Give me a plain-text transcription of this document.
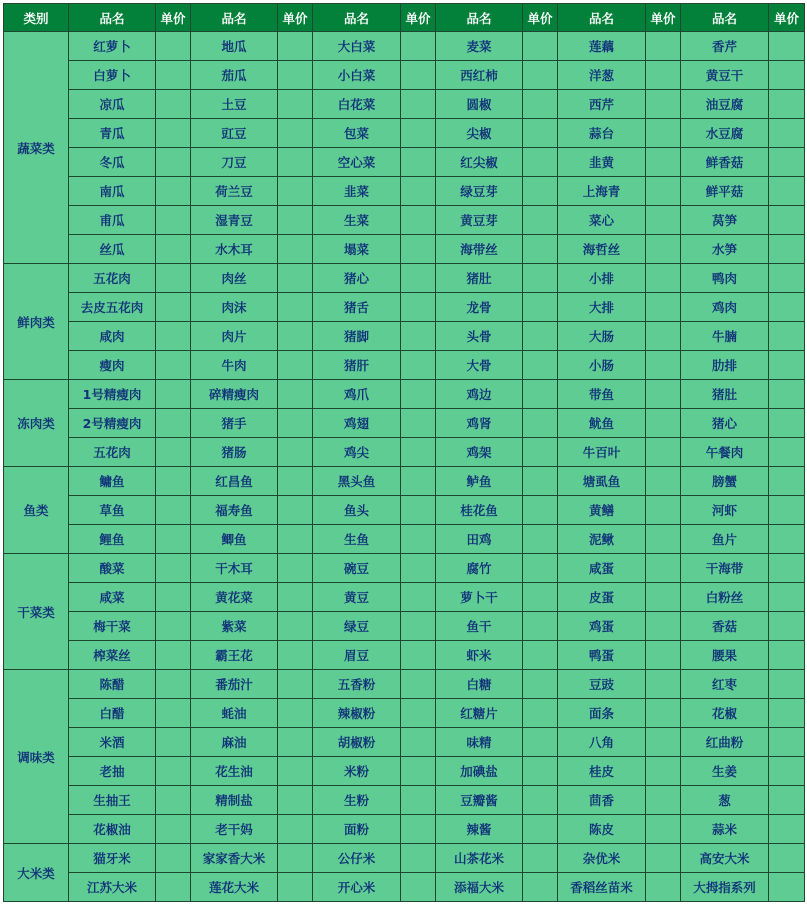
类别	品名	单价	品名	单价	品名	单价	品名	单价	品名	单价	品名	单价
蔬菜类	红萝卜		地瓜		大白菜		麦菜		莲藕		香芹	
	白萝卜		茄瓜		小白菜		西红柿		洋葱		黄豆干	
	凉瓜		土豆		白花菜		圆椒		西芹		油豆腐	
	青瓜		豇豆		包菜		尖椒		蒜台		水豆腐	
	冬瓜		刀豆		空心菜		红尖椒		韭黄		鲜香菇	
	南瓜		荷兰豆		韭菜		绿豆芽		上海青		鲜平菇	
	甫瓜		湿青豆		生菜		黄豆芽		菜心		莴笋	
	丝瓜		水木耳		塌菜		海带丝		海哲丝		水笋	
鲜肉类	五花肉		肉丝		猪心		猪肚		小排		鸭肉	
	去皮五花肉		肉沫		猪舌		龙骨		大排		鸡肉	
	咸肉		肉片		猪脚		头骨		大肠		牛腩	
	瘦肉		牛肉		猪肝		大骨		小肠		肋排	
冻肉类	1号精瘦肉		碎精瘦肉		鸡爪		鸡边		带鱼		猪肚	
	2号精瘦肉		猪手		鸡翅		鸡肾		鱿鱼		猪心	
	五花肉		猪肠		鸡尖		鸡架		牛百叶		午餐肉	
鱼类	鳙鱼		红昌鱼		黑头鱼		鲈鱼		塘虱鱼		膀蟹	
	草鱼		福寿鱼		鱼头		桂花鱼		黄鳝		河虾	
	鲤鱼		鲫鱼		生鱼		田鸡		泥鳅		鱼片	
干菜类	酸菜		干木耳		碗豆		腐竹		咸蛋		干海带	
	咸菜		黄花菜		黄豆		萝卜干		皮蛋		白粉丝	
	梅干菜		紫菜		绿豆		鱼干		鸡蛋		香菇	
	榨菜丝		霸王花		眉豆		虾米		鸭蛋		腰果	
调味类	陈醋		番茄汁		五香粉		白糖		豆豉		红枣	
	白醋		蚝油		辣椒粉		红糖片		面条		花椒	
	米酒		麻油		胡椒粉		味精		八角		红曲粉	
	老抽		花生油		米粉		加碘盐		桂皮		生姜	
	生抽王		精制盐		生粉		豆瓣酱		茴香		葱	
	花椒油		老干妈		面粉		辣酱		陈皮		蒜米	
大米类	猫牙米		家家香大米		公仔米		山茶花米		杂优米		高安大米	
	江苏大米		莲花大米		开心米		添福大米		香稻丝苗米		大拇指系列	
